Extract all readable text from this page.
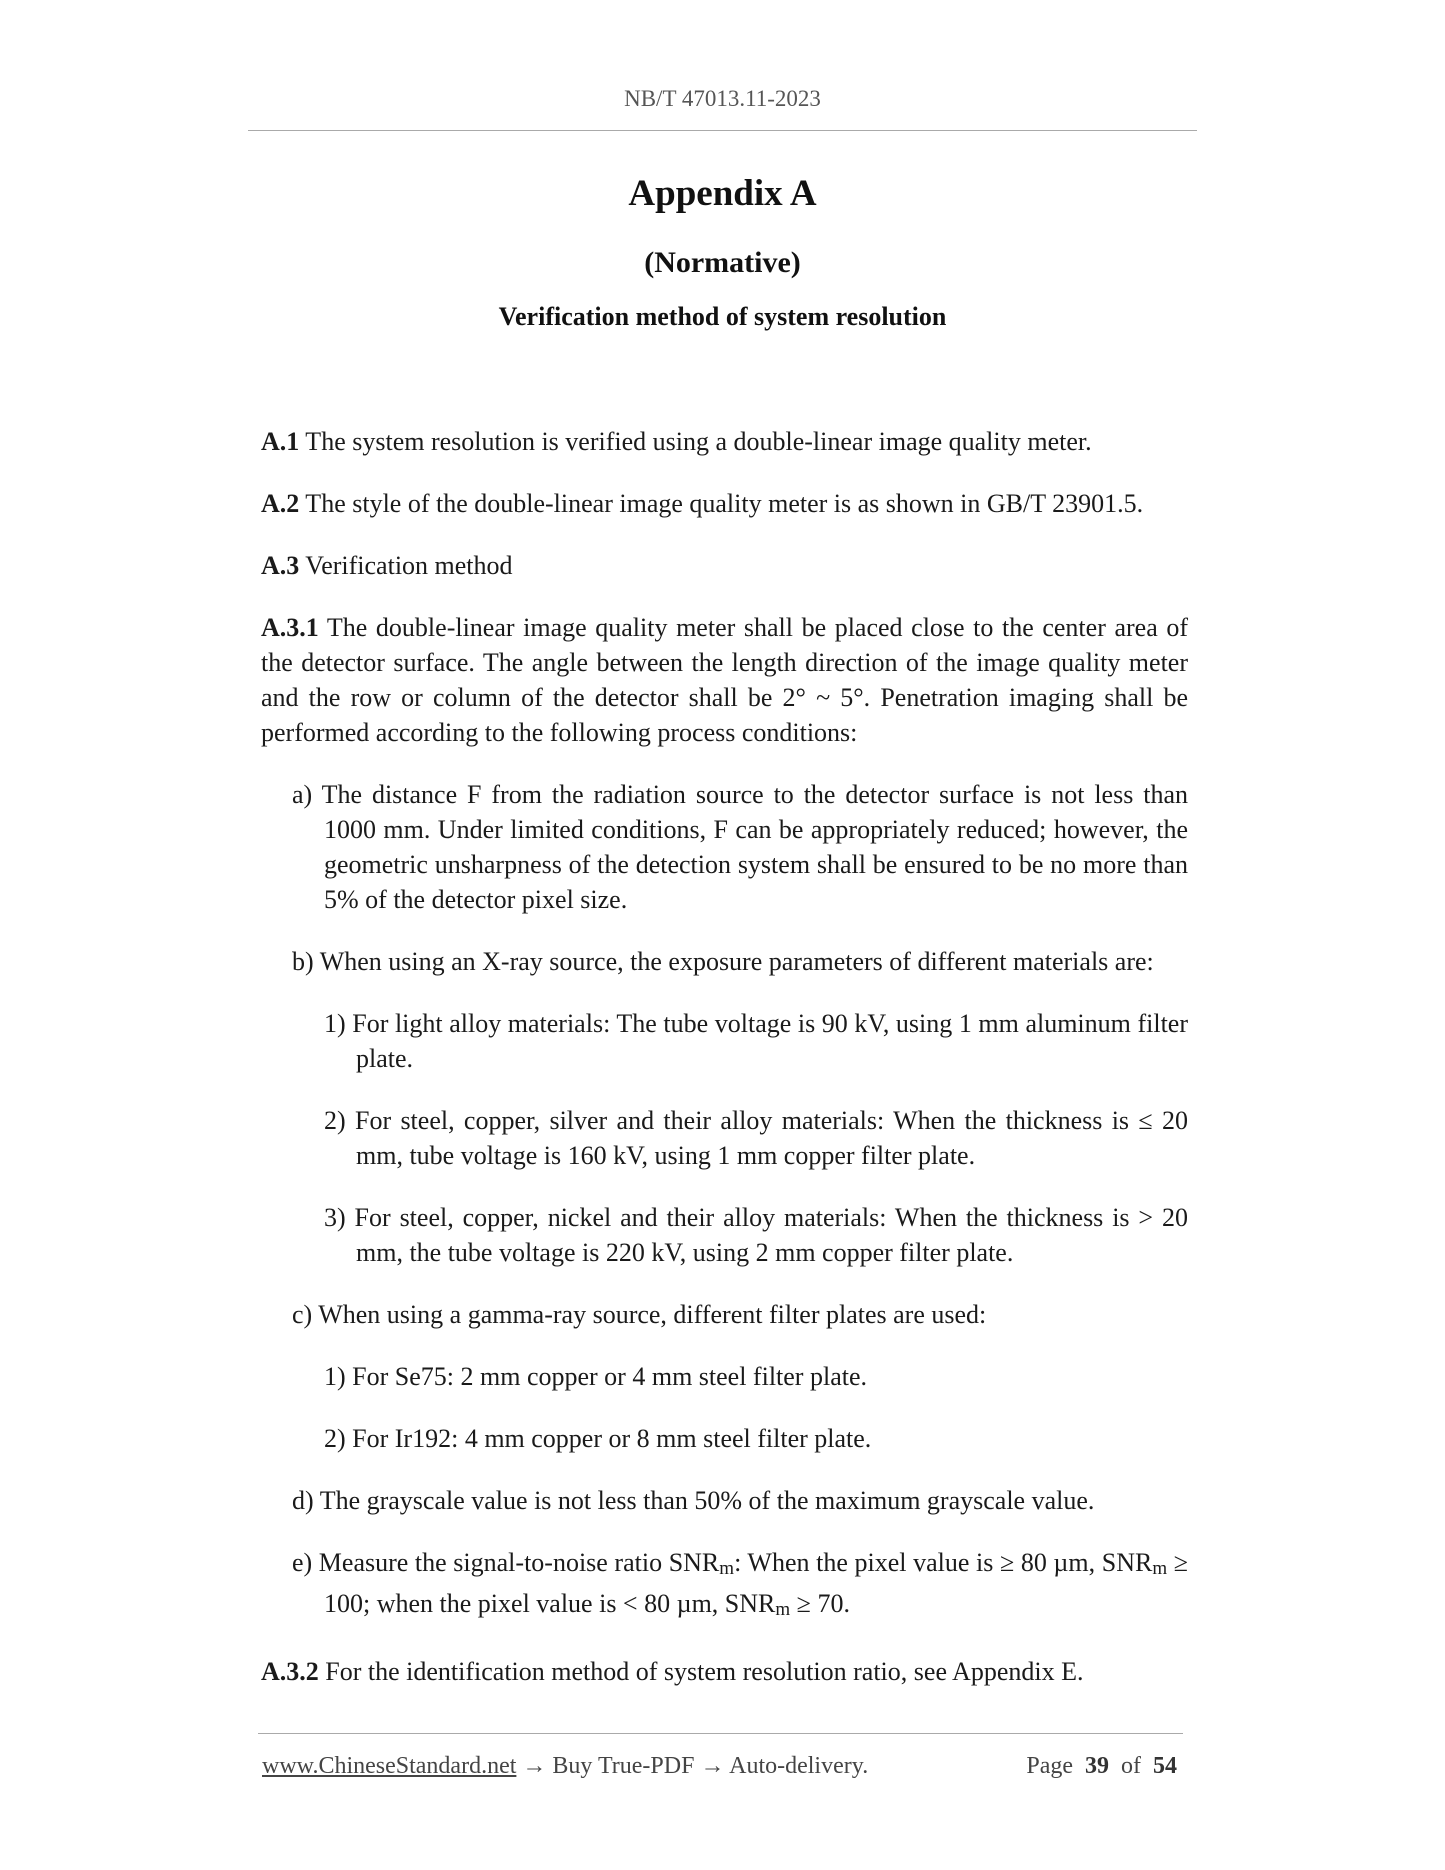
NB/T 47013.11-2023
Appendix A
(Normative)
Verification method of system resolution

A.1 The system resolution is verified using a double-linear image quality meter.

A.2 The style of the double-linear image quality meter is as shown in GB/T 23901.5.

A.3 Verification method

A.3.1 The double-linear image quality meter shall be placed close to the center area of the detector surface. The angle between the length direction of the image quality meter and the row or column of the detector shall be 2° ~ 5°. Penetration imaging shall be performed according to the following process conditions:

a) The distance F from the radiation source to the detector surface is not less than 1000 mm. Under limited conditions, F can be appropriately reduced; however, the geometric unsharpness of the detection system shall be ensured to be no more than 5% of the detector pixel size.

b) When using an X-ray source, the exposure parameters of different materials are:

1) For light alloy materials: The tube voltage is 90 kV, using 1 mm aluminum filter plate.

2) For steel, copper, silver and their alloy materials: When the thickness is ≤ 20 mm, tube voltage is 160 kV, using 1 mm copper filter plate.

3) For steel, copper, nickel and their alloy materials: When the thickness is > 20 mm, the tube voltage is 220 kV, using 2 mm copper filter plate.

c) When using a gamma-ray source, different filter plates are used:

1) For Se75: 2 mm copper or 4 mm steel filter plate.

2) For Ir192: 4 mm copper or 8 mm steel filter plate.

d) The grayscale value is not less than 50% of the maximum grayscale value.

e) Measure the signal-to-noise ratio SNRm: When the pixel value is ≥ 80 µm, SNRm ≥ 100; when the pixel value is < 80 µm, SNRm ≥ 70.

A.3.2 For the identification method of system resolution ratio, see Appendix E.

www.ChineseStandard.net → Buy True-PDF → Auto-delivery.	Page 39 of 54
